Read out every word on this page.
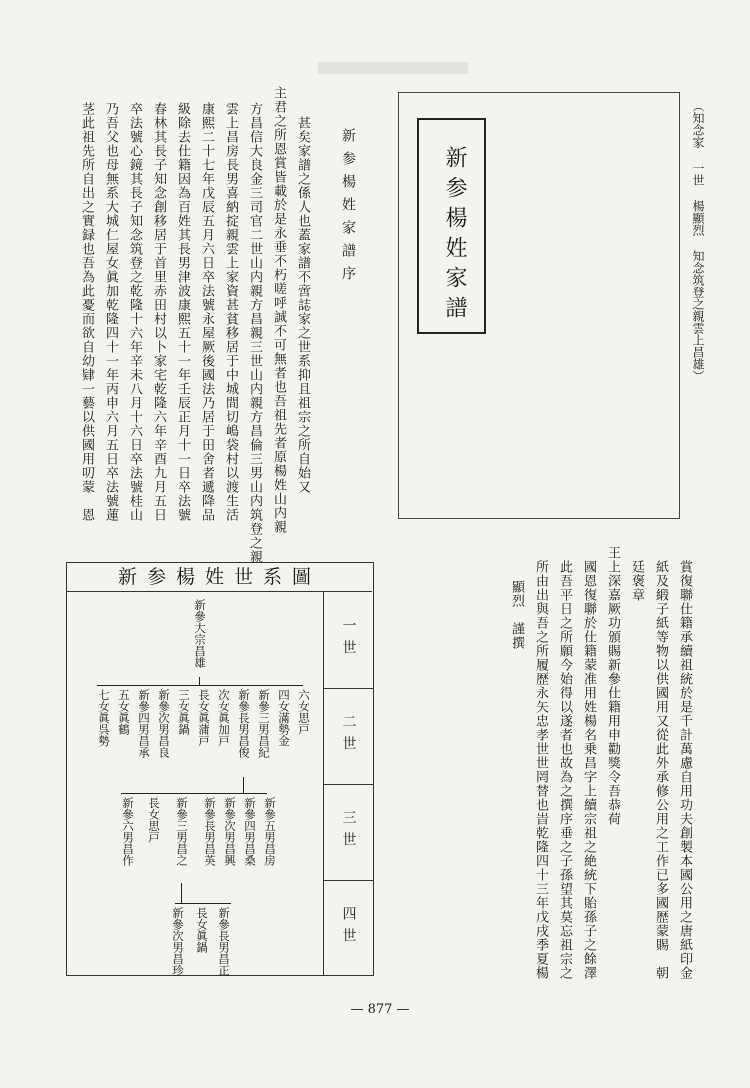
新参楊姓家譜序
　甚矣家譜之係人也蓋家譜不啻誌家之世系抑且祖宗之所自始又
主君之所恩賞皆載於是永垂不朽嗟呼誠不可無者也吾祖先者原楊姓山内親
方昌信大良金三司官二世山内親方昌親三世山内親方昌倫三男山内筑登之親
雲上昌房長男喜納掟親雲上家資甚貧移居于中城間切嶋袋村以渡生活
康熙二十七年戊辰五月六日卒法號永屋厥後國法乃居于田舍者遞降品
級除去仕籍因為百姓其長男津波康熙五十一年壬辰正月十一日卒法號
春林其長子知念創移居于首里赤田村以卜家宅乾隆六年辛酉九月五日
卒法號心鏡其長子知念筑登之乾隆十六年辛未八月十六日卒法號桂山
乃吾父也母無系大城仁屋女眞加乾隆四十一年丙申六月五日卒法號蓮
茎此祖先所自出之實録也吾為此憂而欲自幼肄一藝以供國用叨蒙　恩	新参楊姓家譜	（知念家 一世 楊顯烈 知念筑登之親雲上昌雄）
賞復聯仕籍承續祖統於是千計萬慮自用功夫創製本國公用之唐紙印金
紙及緞子紙等物以供國用又從此外承修公用之工作已多國歴蒙賜　朝
廷褒章
王上深嘉厥功頒賜新參仕籍用申勸獎令吾恭荷
國恩復聯於仕籍蒙准用姓楊名乗昌字上續宗祖之絶統下貽孫子之餘澤
此吾平日之所願今始得以遂者也故為之撰序垂之子孫望其莫忘祖宗之
所由出與吾之所履歴永矢忠孝世世罔替也旹乾隆四十三年戊戌季夏楊
顯烈　謹撰
新参楊姓世系圖
一世
二世
三世
四世
新參大宗昌雄
六女思戸
四女滿勢金
新參三男昌紀
新參長男昌俊
次女眞加戸
長女眞蒲戸
三女眞鍋
新參次男昌良
新參四男昌承
五女眞鶴
七女眞呉勢
新參五男昌房
新參四男昌桑
新參次男昌興
新參長男昌英
新參三男昌之
長女思戸
新參六男昌作
新參長男昌正
長女眞鍋
新參次男昌珍
— 877 —
